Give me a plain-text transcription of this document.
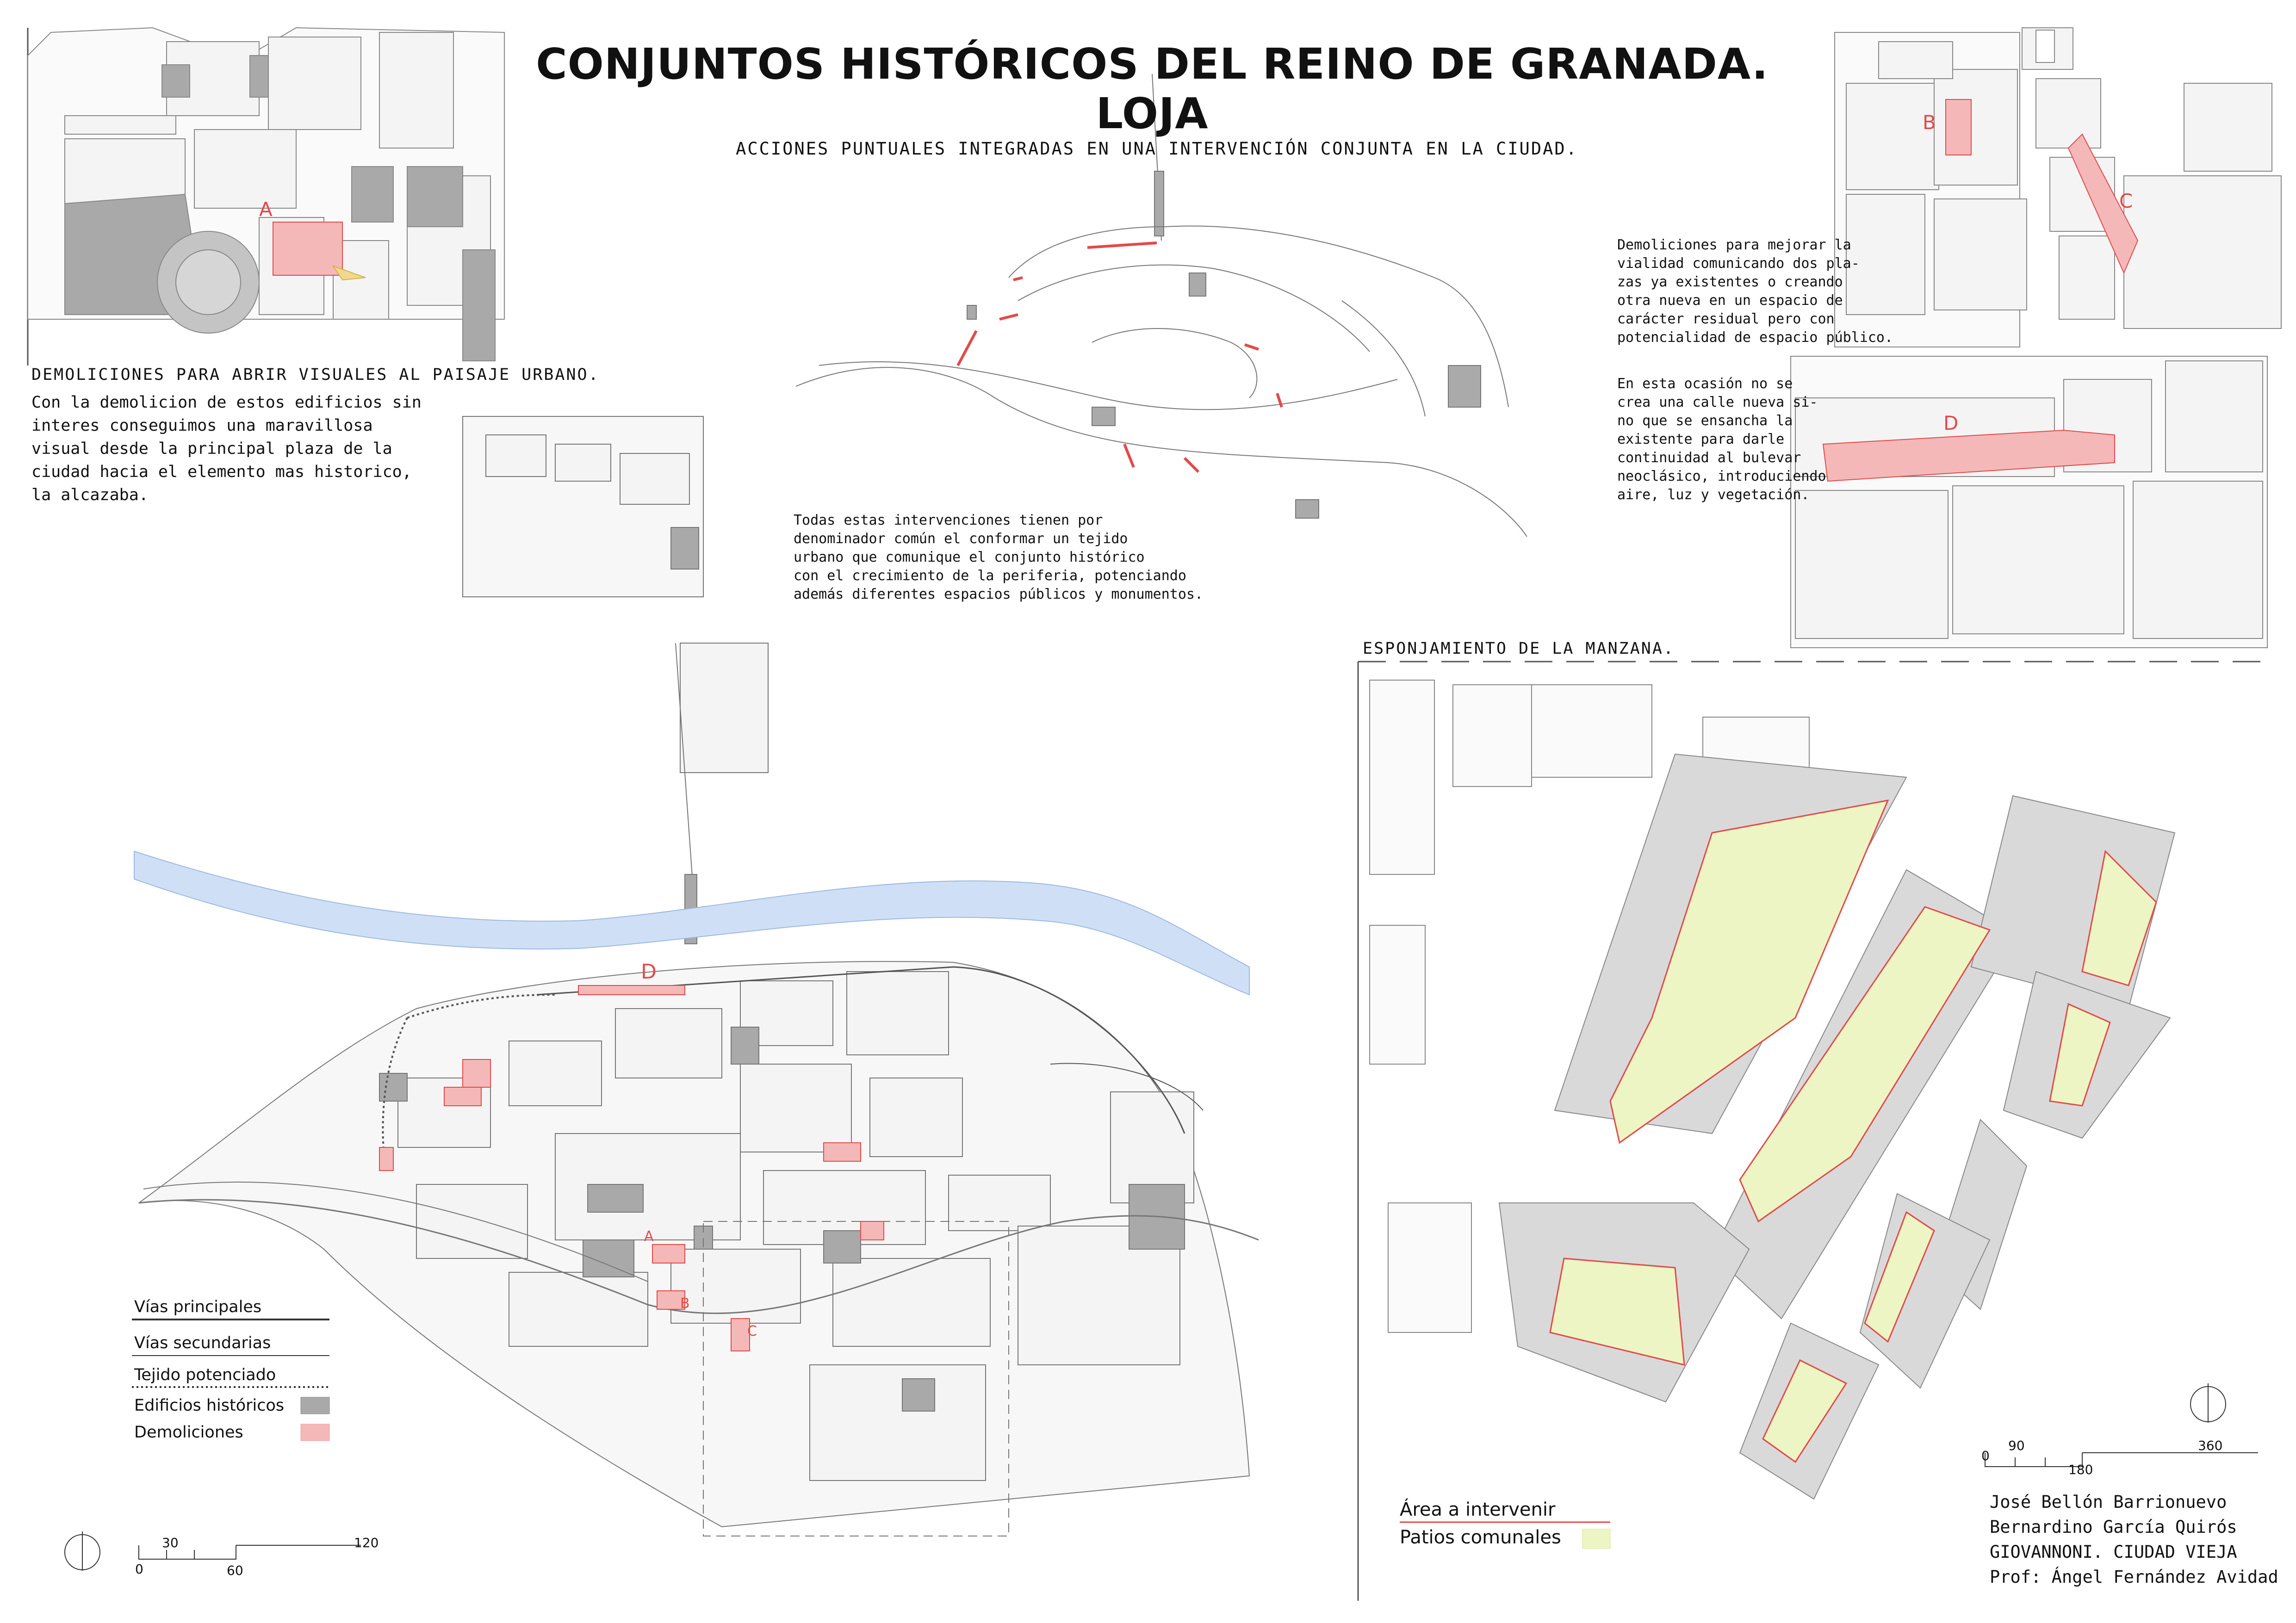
CONJUNTOS HISTÓRICOS DEL REINO DE GRANADA. LOJA
ACCIONES PUNTUALES INTEGRADAS EN UNA INTERVENCIÓN CONJUNTA EN LA CIUDAD.
DEMOLICIONES PARA ABRIR VISUALES AL PAISAJE URBANO.
Con la demolicion de estos edificios sin
interes conseguimos una maravillosa
visual desde la principal plaza de la
ciudad hacia el elemento mas historico,
la alcazaba.
Todas estas intervenciones tienen por
denominador común el conformar un tejido
urbano que comunique el conjunto histórico
con el crecimiento de la periferia, potenciando
además diferentes espacios públicos y monumentos.
Demoliciones para mejorar la
vialidad comunicando dos pla-
zas ya existentes o creando
otra nueva en un espacio de
carácter residual pero con
potencialidad de espacio público.
En esta ocasión no se
crea una calle nueva si-
no que se ensancha la
existente para darle
continuidad al bulevar
neoclásico, introduciendo
aire, luz y vegetación.
ESPONJAMIENTO DE LA MANZANA.
A
B
C
D
D
A
B
C
Vías principales
Vías secundarias
Tejido potenciado
Edificios históricos
Demoliciones
Área a intervenir
Patios comunales
0
30
60
120
0
90
180
360
José Bellón Barrionuevo
Bernardino García Quirós
GIOVANNONI. CIUDAD VIEJA
Prof: Ángel Fernández Avidad
